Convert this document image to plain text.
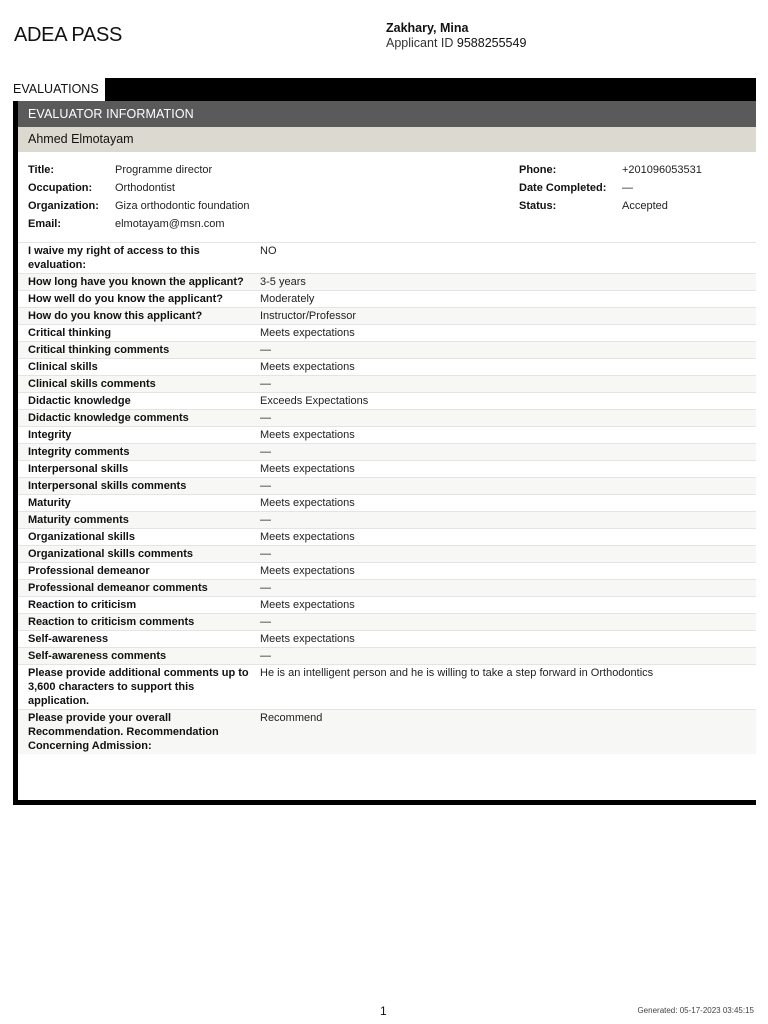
ADEA PASS	Zakhary, Mina
Applicant ID 9588255549
EVALUATIONS
EVALUATOR INFORMATION
Ahmed Elmotayam
Title:	Programme director
Occupation: Orthodontist
Organization: Giza orthodontic foundation
Email:	elmotayam@msn.com
Phone:	+201096053531
Date Completed: —
Status:	Accepted
I waive my right of access to this evaluation:	NO
How long have you known the applicant?	3-5 years
How well do you know the applicant?	Moderately
How do you know this applicant?	Instructor/Professor
Critical thinking	Meets expectations
Critical thinking comments	—
Clinical skills	Meets expectations
Clinical skills comments	—
Didactic knowledge	Exceeds Expectations
Didactic knowledge comments	—
Integrity	Meets expectations
Integrity comments	—
Interpersonal skills	Meets expectations
Interpersonal skills comments	—
Maturity	Meets expectations
Maturity comments	—
Organizational skills	Meets expectations
Organizational skills comments	—
Professional demeanor	Meets expectations
Professional demeanor comments	—
Reaction to criticism	Meets expectations
Reaction to criticism comments	—
Self-awareness	Meets expectations
Self-awareness comments	—
Please provide additional comments up to 3,600 characters to support this application.	He is an intelligent person and he is willing to take a step forward in Orthodontics
Please provide your overall Recommendation. Recommendation Concerning Admission:	Recommend
1	Generated: 05-17-2023 03:45:15
